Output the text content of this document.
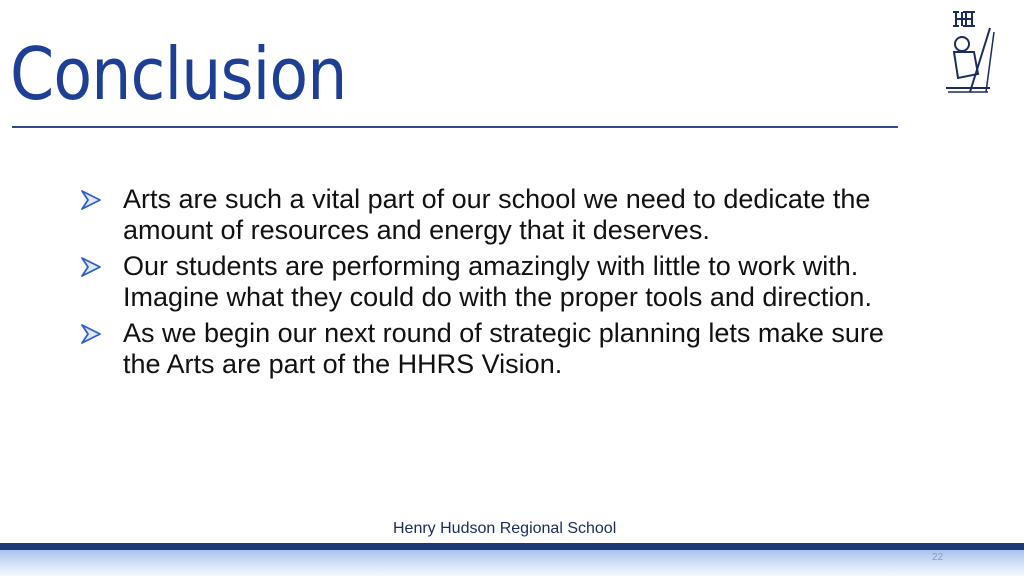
Conclusion
Arts are such a vital part of our school we need to dedicate the amount of resources and energy that it deserves.
Our students are performing amazingly with little to work with. Imagine what they could do with the proper tools and direction.
As we begin our next round of strategic planning lets make sure the Arts are part of the HHRS Vision.
Henry Hudson Regional School
22
